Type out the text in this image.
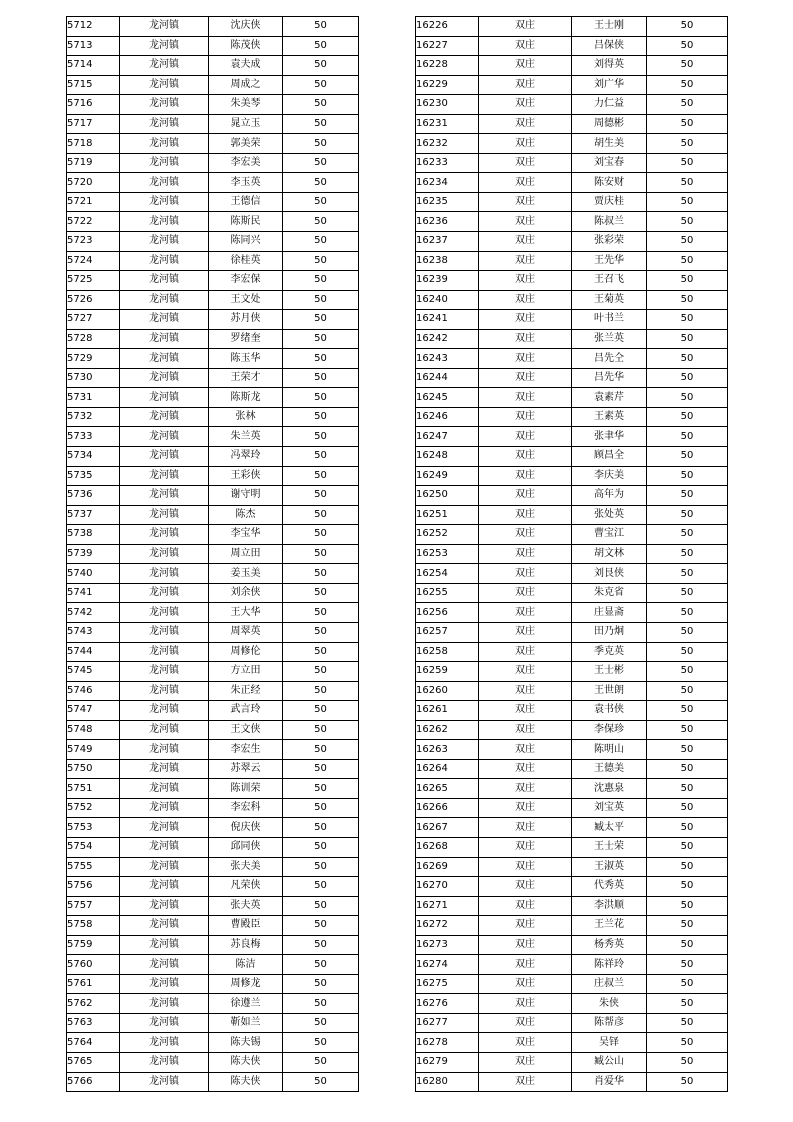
5712	龙河镇	沈庆侠	50
5713	龙河镇	陈茂侠	50
5714	龙河镇	袁夫成	50
5715	龙河镇	周成之	50
5716	龙河镇	朱美琴	50
5717	龙河镇	晁立玉	50
5718	龙河镇	郭美荣	50
5719	龙河镇	李宏美	50
5720	龙河镇	李玉英	50
5721	龙河镇	王德信	50
5722	龙河镇	陈斯民	50
5723	龙河镇	陈同兴	50
5724	龙河镇	徐桂英	50
5725	龙河镇	李宏保	50
5726	龙河镇	王文处	50
5727	龙河镇	苏月侠	50
5728	龙河镇	罗绪奎	50
5729	龙河镇	陈玉华	50
5730	龙河镇	王荣才	50
5731	龙河镇	陈斯龙	50
5732	龙河镇	张林	50
5733	龙河镇	朱兰英	50
5734	龙河镇	冯翠玲	50
5735	龙河镇	王彩侠	50
5736	龙河镇	谢守明	50
5737	龙河镇	陈杰	50
5738	龙河镇	李宝华	50
5739	龙河镇	周立田	50
5740	龙河镇	姜玉美	50
5741	龙河镇	刘余侠	50
5742	龙河镇	王大华	50
5743	龙河镇	周翠英	50
5744	龙河镇	周修伦	50
5745	龙河镇	方立田	50
5746	龙河镇	朱正经	50
5747	龙河镇	武言玲	50
5748	龙河镇	王文侠	50
5749	龙河镇	李宏生	50
5750	龙河镇	苏翠云	50
5751	龙河镇	陈训荣	50
5752	龙河镇	李宏科	50
5753	龙河镇	倪庆侠	50
5754	龙河镇	邱同侠	50
5755	龙河镇	张夫美	50
5756	龙河镇	凡荣侠	50
5757	龙河镇	张夫英	50
5758	龙河镇	曹殿臣	50
5759	龙河镇	苏良梅	50
5760	龙河镇	陈洁	50
5761	龙河镇	周修龙	50
5762	龙河镇	徐遵兰	50
5763	龙河镇	靳如兰	50
5764	龙河镇	陈夫锡	50
5765	龙河镇	陈夫侠	50
5766	龙河镇	陈夫侠	50
16226	双庄	王士刚	50
16227	双庄	吕保侠	50
16228	双庄	刘得英	50
16229	双庄	刘广华	50
16230	双庄	力仁益	50
16231	双庄	周德彬	50
16232	双庄	胡生美	50
16233	双庄	刘宝春	50
16234	双庄	陈安财	50
16235	双庄	贾庆桂	50
16236	双庄	陈叔兰	50
16237	双庄	张彩荣	50
16238	双庄	王先华	50
16239	双庄	王召飞	50
16240	双庄	王菊英	50
16241	双庄	叶书兰	50
16242	双庄	张兰英	50
16243	双庄	吕先仝	50
16244	双庄	吕先华	50
16245	双庄	袁素芹	50
16246	双庄	王素英	50
16247	双庄	张聿华	50
16248	双庄	顾昌全	50
16249	双庄	李庆美	50
16250	双庄	高年为	50
16251	双庄	张处英	50
16252	双庄	曹宝江	50
16253	双庄	胡文林	50
16254	双庄	刘艮侠	50
16255	双庄	朱克省	50
16256	双庄	庄显斋	50
16257	双庄	田乃炯	50
16258	双庄	季克英	50
16259	双庄	王士彬	50
16260	双庄	王世朗	50
16261	双庄	袁书侠	50
16262	双庄	李保珍	50
16263	双庄	陈明山	50
16264	双庄	王德美	50
16265	双庄	沈惠泉	50
16266	双庄	刘宝英	50
16267	双庄	臧太平	50
16268	双庄	王士荣	50
16269	双庄	王淑英	50
16270	双庄	代秀英	50
16271	双庄	李洪顺	50
16272	双庄	王兰花	50
16273	双庄	杨秀英	50
16274	双庄	陈祥玲	50
16275	双庄	庄叔兰	50
16276	双庄	朱侠	50
16277	双庄	陈帮彦	50
16278	双庄	吴铎	50
16279	双庄	臧公山	50
16280	双庄	肖爱华	50
